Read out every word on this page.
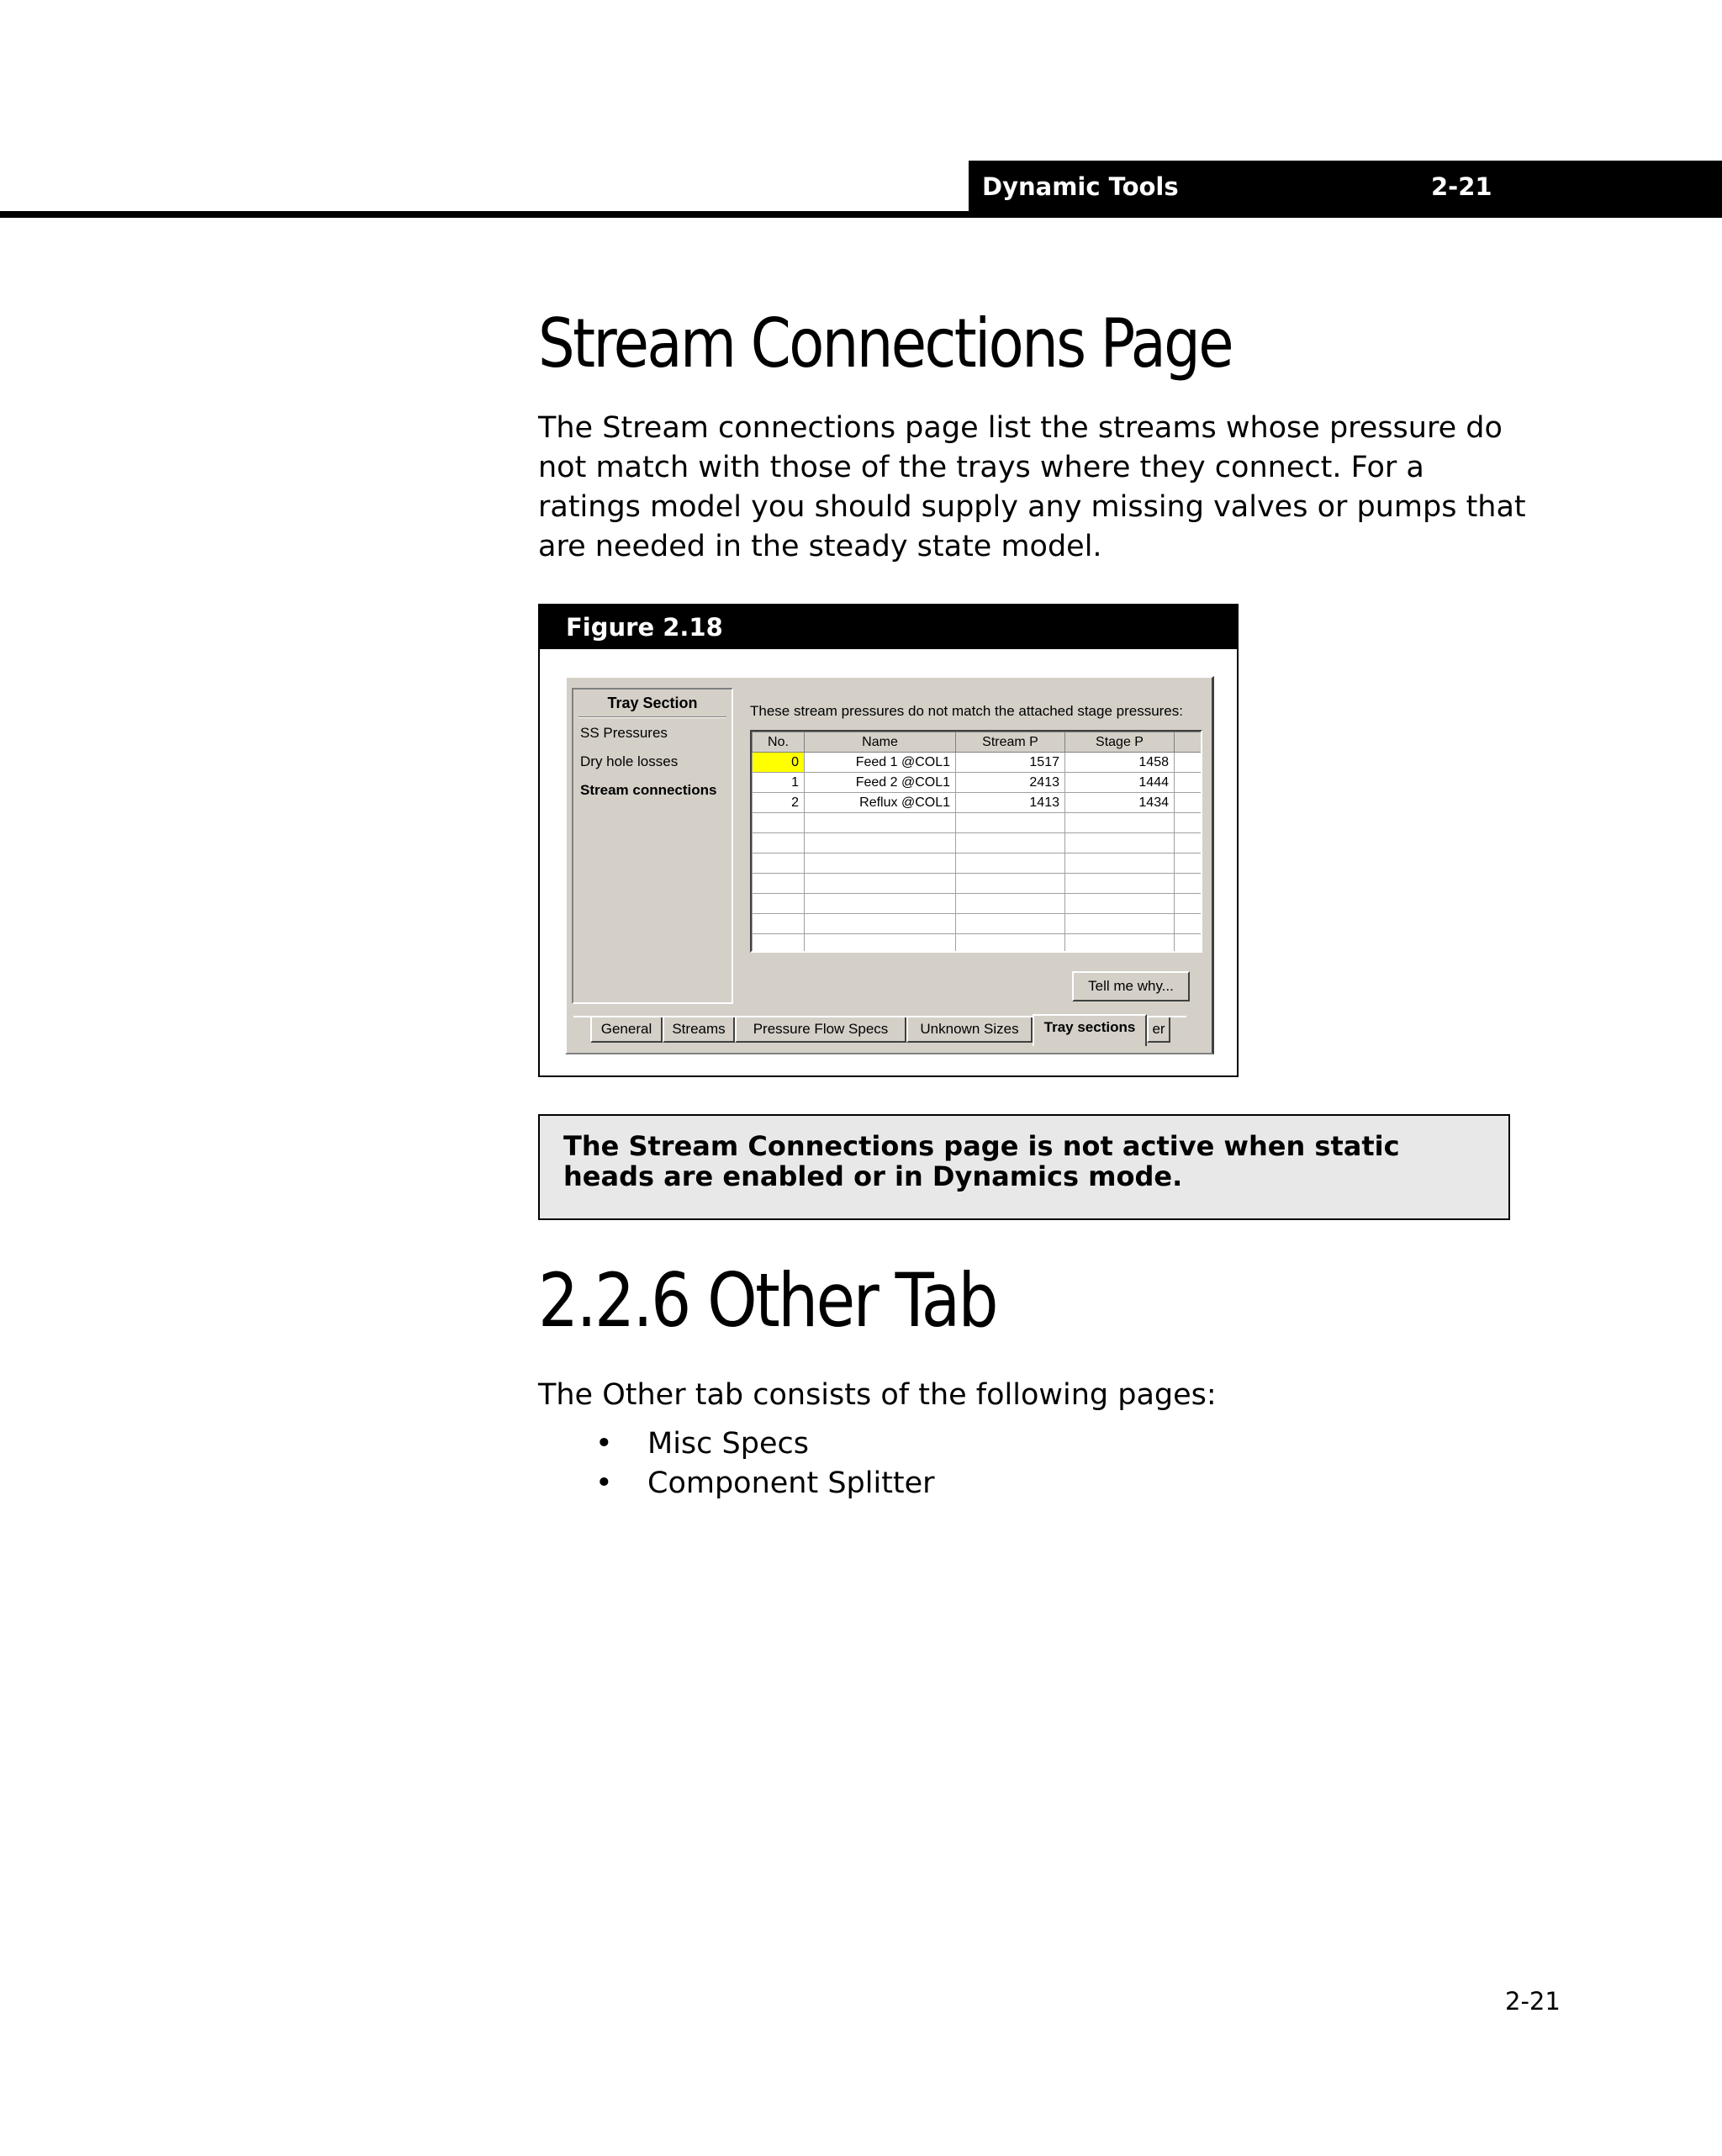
Dynamic Tools	2-21
Stream Connections Page

The Stream connections page list the streams whose pressure do not match with those of the trays where they connect. For a ratings model you should supply any missing valves or pumps that are needed in the steady state model.

Figure 2.18
Tray Section
SS Pressures
Dry hole losses
Stream connections
These stream pressures do not match the attached stage pressures:
No.	Name	Stream P	Stage P	
0	Feed 1 @COL1	1517	1458	
1	Feed 2 @COL1	2413	1444	
2	Reflux @COL1	1413	1434	

Tell me why...
General	Streams	Pressure Flow Specs	Unknown Sizes	Tray sections	er

The Stream Connections page is not active when static heads are enabled or in Dynamics mode.

2.2.6 Other Tab

The Other tab consists of the following pages:

• Misc Specs
• Component Splitter
2-21
